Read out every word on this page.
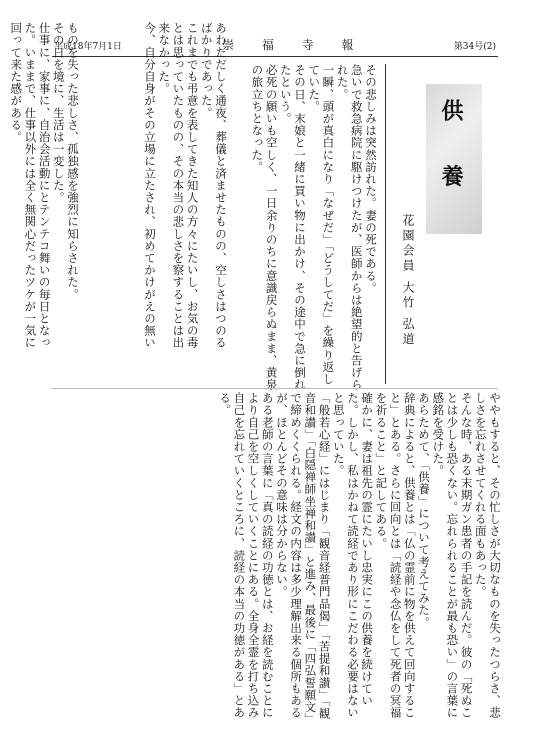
平成18年7月1日	崇 福 寺 報	第34号(2)
供 養
花園会員 大竹 弘道
その悲しみは突然訪れた。妻の死である。
急いで救急病院に駆けつけたが、医師からは絶望的と告げられた。
一瞬、頭が真白になり「なぜだ」「どうしてだ」を繰り返していた。
その日、末娘と一緒に買い物に出かけ、その途中で急に倒れたという。
必死の願いも空しく、一日余りのちに意識戻らぬまま、黄泉の旅立ちとなった。
あわただしく通夜、葬儀と済ませたものの、空しさはつのるばかりであった。
これまでも弔意を表してきた知人の方々にたいし、お気の毒とは思っていたものの、その本当の悲しさを察することは出来なかった。
今、自分自身がその立場に立たされ、初めてかけがえの無い
ものを失った悲しさ、孤独感を強烈に知らされた。
その日を境に、生活は一変した。
仕事に、家事に、自治会活動にとテンテコ舞いの毎日となった。いままで、仕事以外には全く無関心だったツケが一気に回って来た感がある。
ややもすると、その忙しさが大切なものを失ったつらさ、悲しさを忘れさせてくれる面もあった。
そんな時、ある末期ガン患者の手記を読んだ。彼の「死ぬことは少しも恐くない。忘れられることが最も恐い」の言葉に感銘を受けた。
あらためて、「供養」について考えてみた。
辞典によると、供養とは「仏の霊前に物を供えて回向すること」とある。さらに回向とは「読経や念仏をして死者の冥福を祈ること」と記してある。
確かに、妻は祖先の霊にたいし忠実にこの供養を続けていた。しかし、私はかねて読経であり形にこだわる必要はないと思っていた。
「般若心経」にはじまり「観音経普門品偈」「苦提和讃」「観音和讃」「白隠禅師坐禅和讃」と進み、最後に「四弘誓願文」で締めくくられる。経文の内容は多少理解出来る個所もあるが、ほとんどその意味は分からない。
ある老師の言葉に「真の読経の功徳とは、お経を読むことにより自己を空しくしていくことにある。全身全霊を打ち込み自己を忘れていくところに、読経の本当の功徳がある」とある。
